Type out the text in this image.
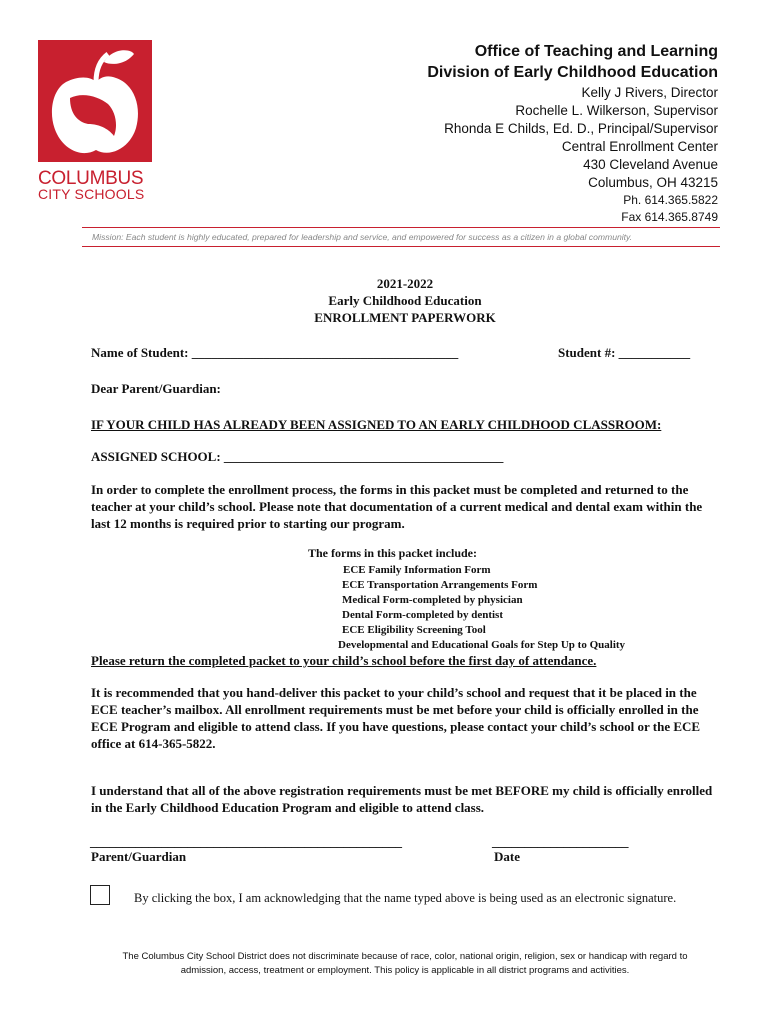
COLUMBUS
CITY SCHOOLS
Office of Teaching and Learning
Division of Early Childhood Education
Kelly J Rivers, Director
Rochelle L. Wilkerson, Supervisor
Rhonda E Childs, Ed. D., Principal/Supervisor
Central Enrollment Center
430 Cleveland Avenue
Columbus, OH 43215
Ph. 614.365.5822
Fax 614.365.8749
Mission: Each student is highly educated, prepared for leadership and service, and empowered for success as a citizen in a global community.
2021-2022
Early Childhood Education
ENROLLMENT PAPERWORK
Name of Student: _________________________________________	Student #: ___________
Dear Parent/Guardian:
IF YOUR CHILD HAS ALREADY BEEN ASSIGNED TO AN EARLY CHILDHOOD CLASSROOM:
ASSIGNED SCHOOL: ___________________________________________
In order to complete the enrollment process, the forms in this packet must be completed and returned to the teacher at your child’s school. Please note that documentation of a current medical and dental exam within the last 12 months is required prior to starting our program.
The forms in this packet include:
ECE Family Information Form
ECE Transportation Arrangements Form
Medical Form-completed by physician
Dental Form-completed by dentist
ECE Eligibility Screening Tool
Developmental and Educational Goals for Step Up to Quality
Please return the completed packet to your child’s school before the first day of attendance.
It is recommended that you hand-deliver this packet to your child’s school and request that it be placed in the ECE teacher’s mailbox. All enrollment requirements must be met before your child is officially enrolled in the ECE Program and eligible to attend class. If you have questions, please contact your child’s school or the ECE office at 614-365-5822.
I understand that all of the above registration requirements must be met BEFORE my child is officially enrolled in the Early Childhood Education Program and eligible to attend class.
________________________________________________
Parent/Guardian
_____________________
Date
By clicking the box, I am acknowledging that the name typed above is being used as an electronic signature.
The Columbus City School District does not discriminate because of race, color, national origin, religion, sex or handicap with regard to
admission, access, treatment or employment. This policy is applicable in all district programs and activities.
